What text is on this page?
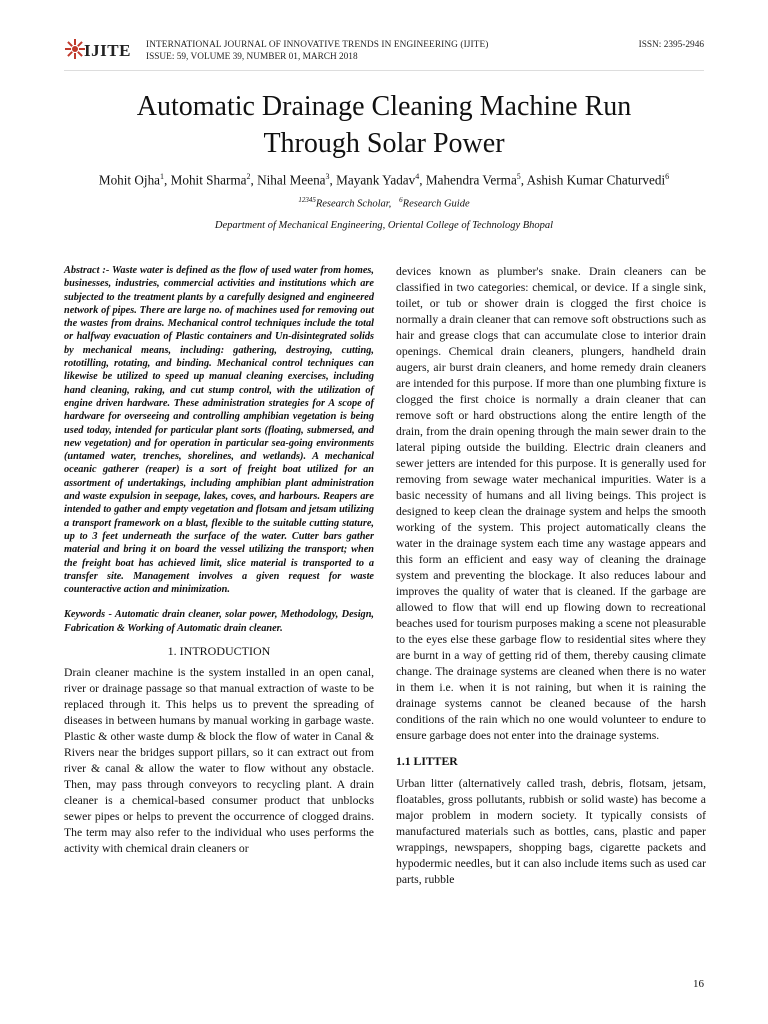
IJITE INTERNATIONAL JOURNAL OF INNOVATIVE TRENDS IN ENGINEERING (IJITE)
ISSUE: 59, VOLUME 39, NUMBER 01, MARCH 2018
ISSN: 2395-2946
Automatic Drainage Cleaning Machine Run
Through Solar Power
Mohit Ojha$^1$, Mohit Sharma$^2$, Nihal Meena$^3$, Mayank Yadav$^4$, Mahendra Verma$^5$, Ashish Kumar Chaturvedi$^6$
$^{12345}$Research Scholar, $^6$Research Guide
Department of Mechanical Engineering, Oriental College of Technology Bhopal

Abstract :- Waste water is defined as the flow of used water from homes, businesses, industries, commercial activities and institutions which are subjected to the treatment plants by a carefully designed and engineered network of pipes. There are large no. of machines used for removing out the wastes from drains. Mechanical control techniques include the total or halfway evacuation of Plastic containers and Un-disintegrated solids by mechanical means, including: gathering, destroying, cutting, rototilling, rotating, and binding. Mechanical control techniques can likewise be utilized to speed up manual cleaning exercises, including hand cleaning, raking, and cut stump control, with the utilization of engine driven hardware. These administration strategies for A scope of hardware for overseeing and controlling amphibian vegetation is being used today, intended for particular plant sorts (floating, submersed, and new vegetation) and for operation in particular sea-going environments (untamed water, trenches, shorelines, and wetlands). A mechanical oceanic gatherer (reaper) is a sort of freight boat utilized for an assortment of undertakings, including amphibian plant administration and waste expulsion in seepage, lakes, coves, and harbours. Reapers are intended to gather and empty vegetation and flotsam and jetsam utilizing a transport framework on a blast, flexible to the suitable cutting stature, up to 3 feet underneath the surface of the water. Cutter bars gather material and bring it on board the vessel utilizing the transport; when the freight boat has achieved limit, slice material is transported to a transfer site. Management involves a given request for waste counteractive action and minimization.

Keywords - Automatic drain cleaner, solar power, Methodology, Design, Fabrication & Working of Automatic drain cleaner.

1. INTRODUCTION

Drain cleaner machine is the system installed in an open canal, river or drainage passage so that manual extraction of waste to be replaced through it. This helps us to prevent the spreading of diseases in between humans by manual working in garbage waste. Plastic & other waste dump & block the flow of water in Canal & Rivers near the bridges support pillars, so it can extract out from river & canal & allow the water to flow without any obstacle. Then, may pass through conveyors to recycling plant. A drain cleaner is a chemical-based consumer product that unblocks sewer pipes or helps to prevent the occurrence of clogged drains. The term may also refer to the individual who uses performs the activity with chemical drain cleaners or

devices known as plumber's snake. Drain cleaners can be classified in two categories: chemical, or device. If a single sink, toilet, or tub or shower drain is clogged the first choice is normally a drain cleaner that can remove soft obstructions such as hair and grease clogs that can accumulate close to interior drain openings. Chemical drain cleaners, plungers, handheld drain augers, air burst drain cleaners, and home remedy drain cleaners are intended for this purpose. If more than one plumbing fixture is clogged the first choice is normally a drain cleaner that can remove soft or hard obstructions along the entire length of the drain, from the drain opening through the main sewer drain to the lateral piping outside the building. Electric drain cleaners and sewer jetters are intended for this purpose. It is generally used for removing from sewage water mechanical impurities. Water is a basic necessity of humans and all living beings. This project is designed to keep clean the drainage system and helps the smooth working of the system. This project automatically cleans the water in the drainage system each time any wastage appears and this form an efficient and easy way of cleaning the drainage system and preventing the blockage. It also reduces labour and improves the quality of water that is cleaned. If the garbage are allowed to flow that will end up flowing down to recreational beaches used for tourism purposes making a scene not pleasurable to the eyes else these garbage flow to residential sites where they are burnt in a way of getting rid of them, thereby causing climate change. The drainage systems are cleaned when there is no water in them i.e. when it is not raining, but when it is raining the drainage systems cannot be cleaned because of the harsh conditions of the rain which no one would volunteer to endure to ensure garbage does not enter into the drainage systems.

1.1 LITTER

Urban litter (alternatively called trash, debris, flotsam, jetsam, floatables, gross pollutants, rubbish or solid waste) has become a major problem in modern society. It typically consists of manufactured materials such as bottles, cans, plastic and paper wrappings, newspapers, shopping bags, cigarette packets and hypodermic needles, but it can also include items such as used car parts, rubble

16
